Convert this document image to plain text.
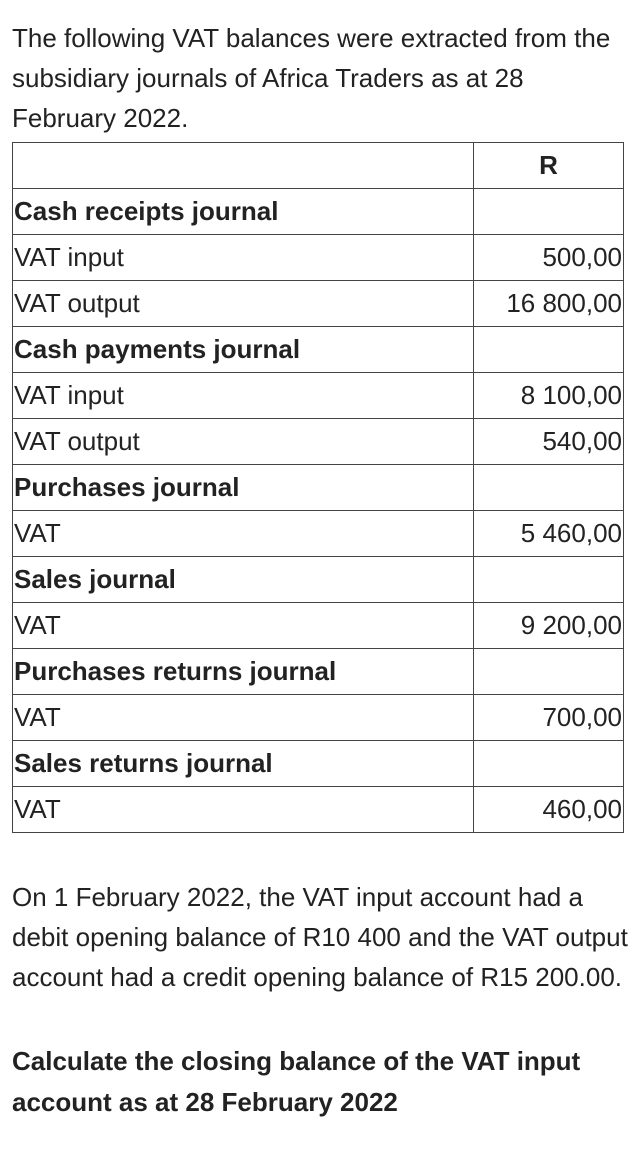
The following VAT balances were extracted from the subsidiary journals of Africa Traders as at 28 February 2022.

	R
Cash receipts journal	
VAT input	500,00
VAT output	16 800,00
Cash payments journal	
VAT input	8 100,00
VAT output	540,00
Purchases journal	
VAT	5 460,00
Sales journal	
VAT	9 200,00
Purchases returns journal	
VAT	700,00
Sales returns journal	
VAT	460,00

On 1 February 2022, the VAT input account had a debit opening balance of R10 400 and the VAT output account had a credit opening balance of R15 200.00.

Calculate the closing balance of the VAT input account as at 28 February 2022
